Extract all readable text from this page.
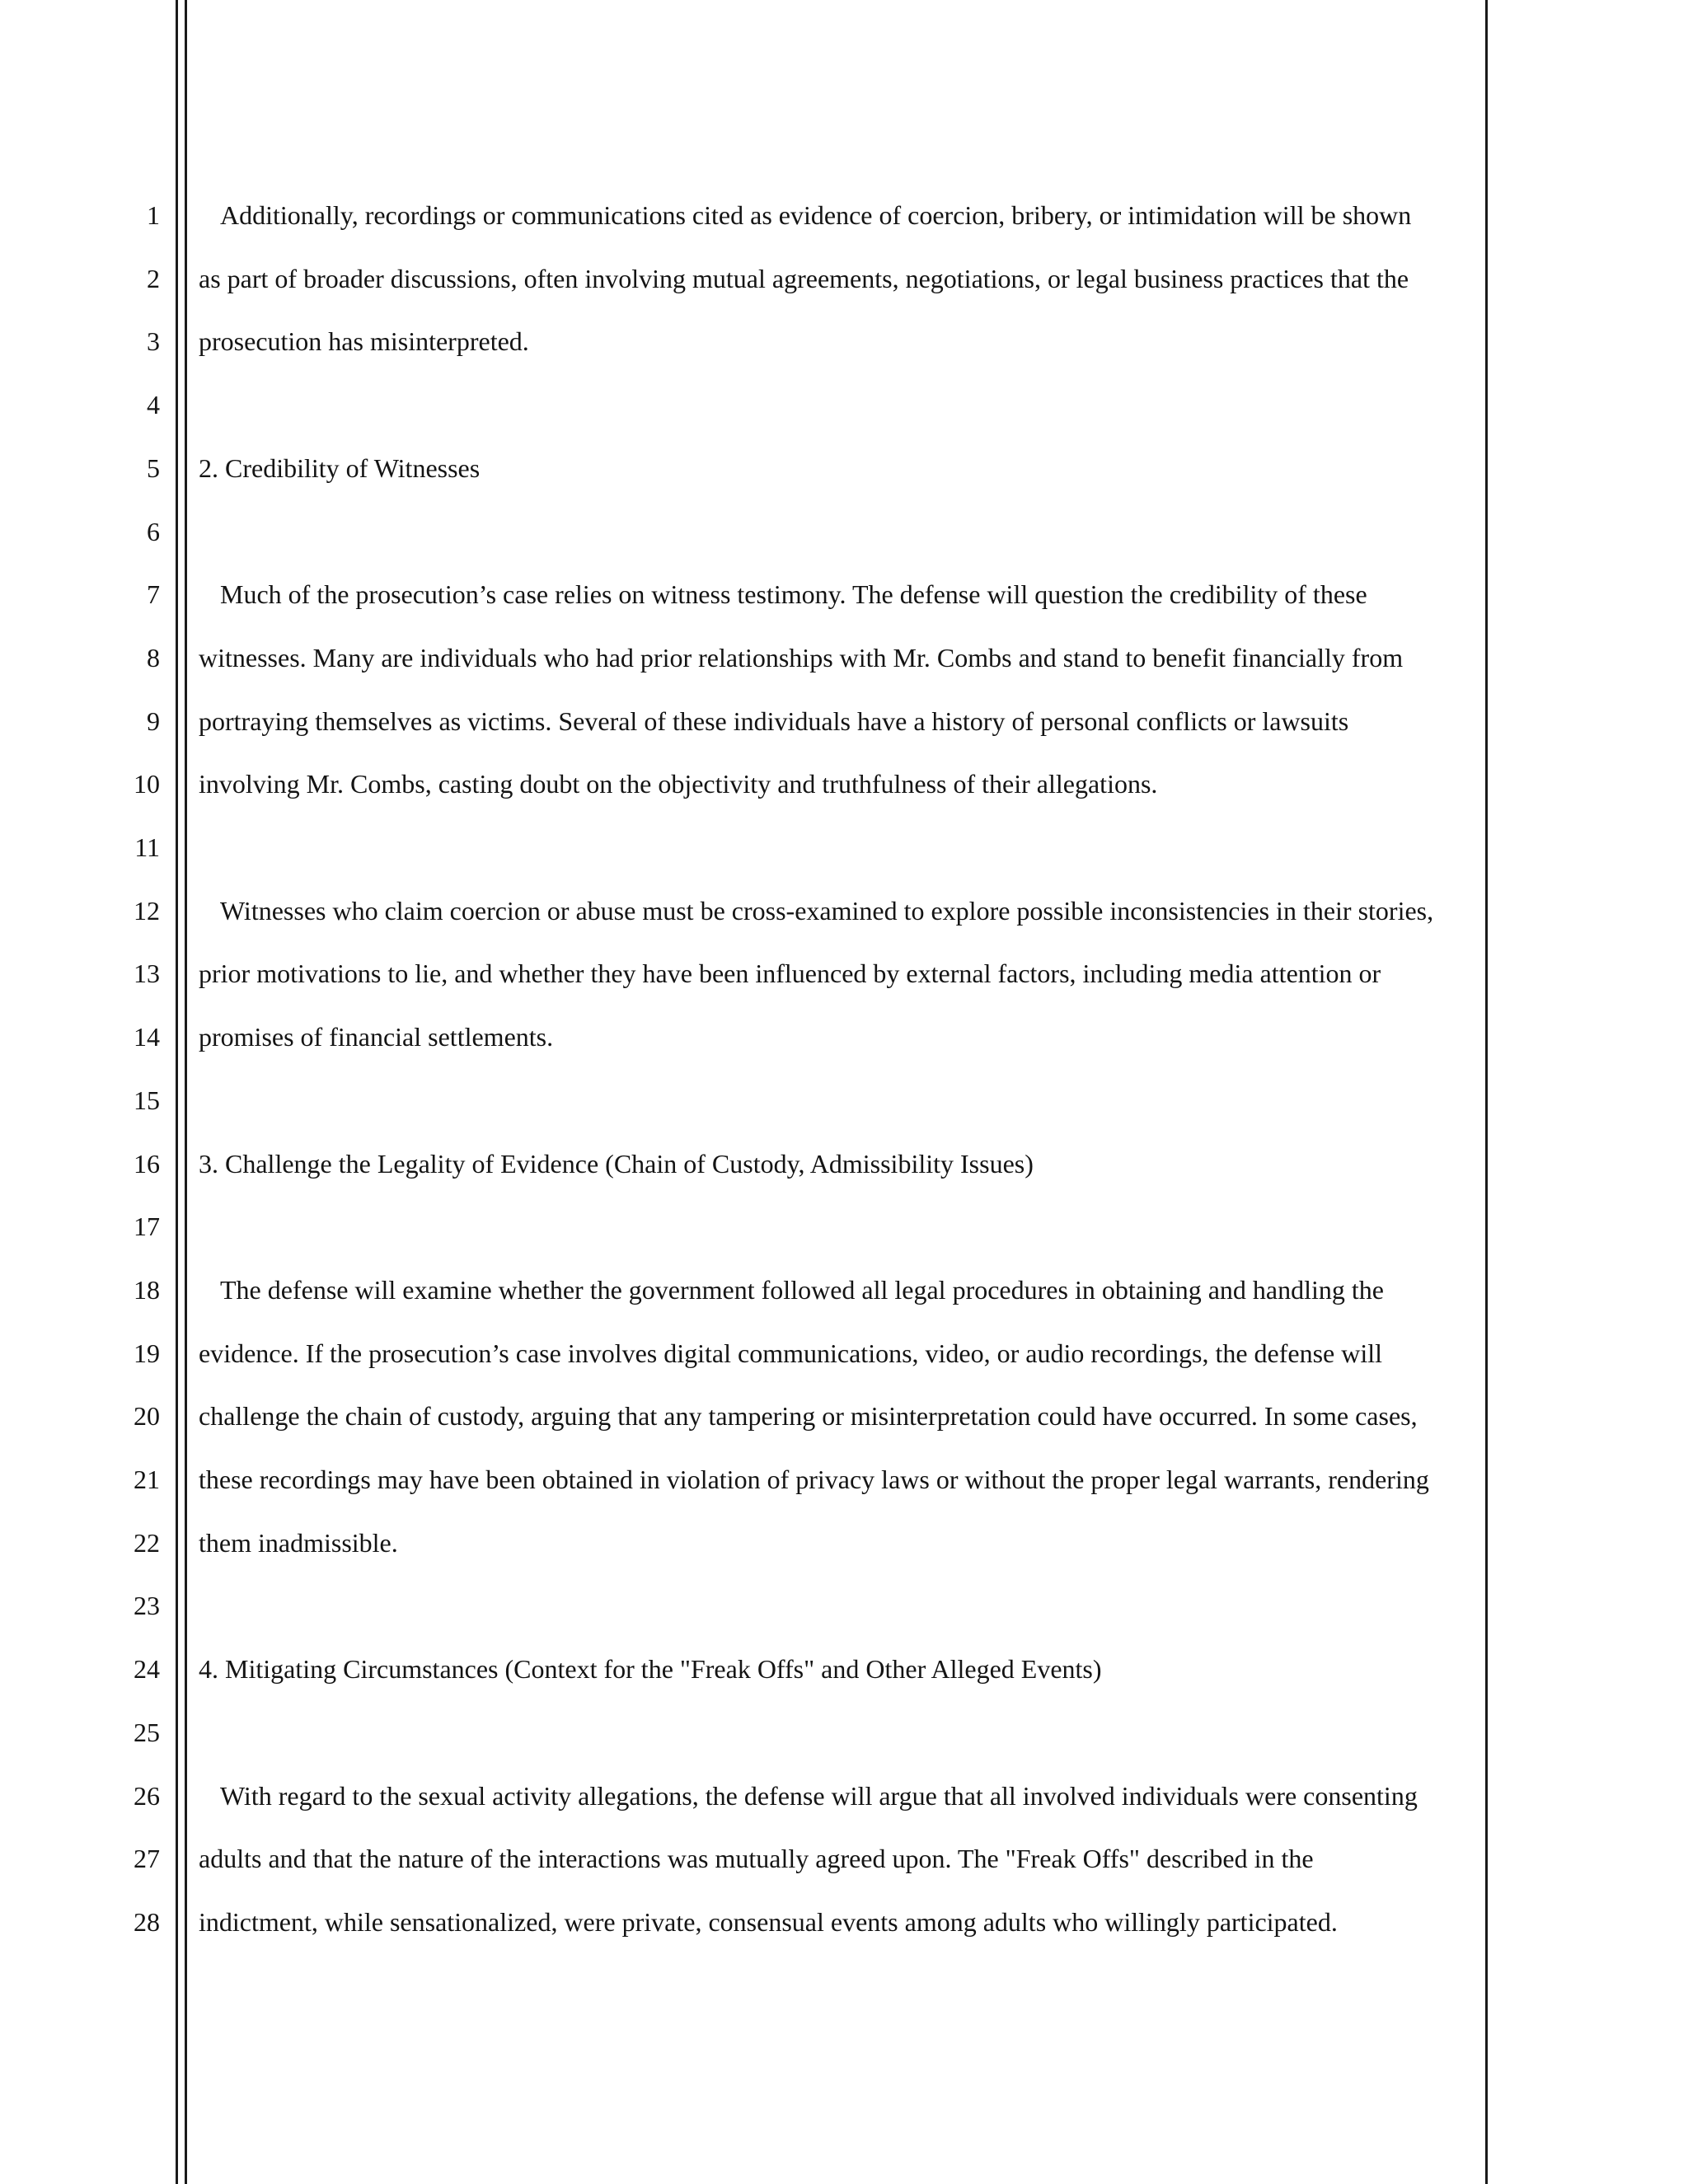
1
2
3
4
5
6
7
8
9
10
11
12
13
14
15
16
17
18
19
20
21
22
23
24
25
26
27
28
Additionally, recordings or communications cited as evidence of coercion, bribery, or intimidation will be shown
as part of broader discussions, often involving mutual agreements, negotiations, or legal business practices that the
prosecution has misinterpreted.
2. Credibility of Witnesses
Much of the prosecution’s case relies on witness testimony. The defense will question the credibility of these
witnesses. Many are individuals who had prior relationships with Mr. Combs and stand to benefit financially from
portraying themselves as victims. Several of these individuals have a history of personal conflicts or lawsuits
involving Mr. Combs, casting doubt on the objectivity and truthfulness of their allegations.
Witnesses who claim coercion or abuse must be cross-examined to explore possible inconsistencies in their stories,
prior motivations to lie, and whether they have been influenced by external factors, including media attention or
promises of financial settlements.
3. Challenge the Legality of Evidence (Chain of Custody, Admissibility Issues)
The defense will examine whether the government followed all legal procedures in obtaining and handling the
evidence. If the prosecution’s case involves digital communications, video, or audio recordings, the defense will
challenge the chain of custody, arguing that any tampering or misinterpretation could have occurred. In some cases,
these recordings may have been obtained in violation of privacy laws or without the proper legal warrants, rendering
them inadmissible.
4. Mitigating Circumstances (Context for the "Freak Offs" and Other Alleged Events)
With regard to the sexual activity allegations, the defense will argue that all involved individuals were consenting
adults and that the nature of the interactions was mutually agreed upon. The "Freak Offs" described in the
indictment, while sensationalized, were private, consensual events among adults who willingly participated.
